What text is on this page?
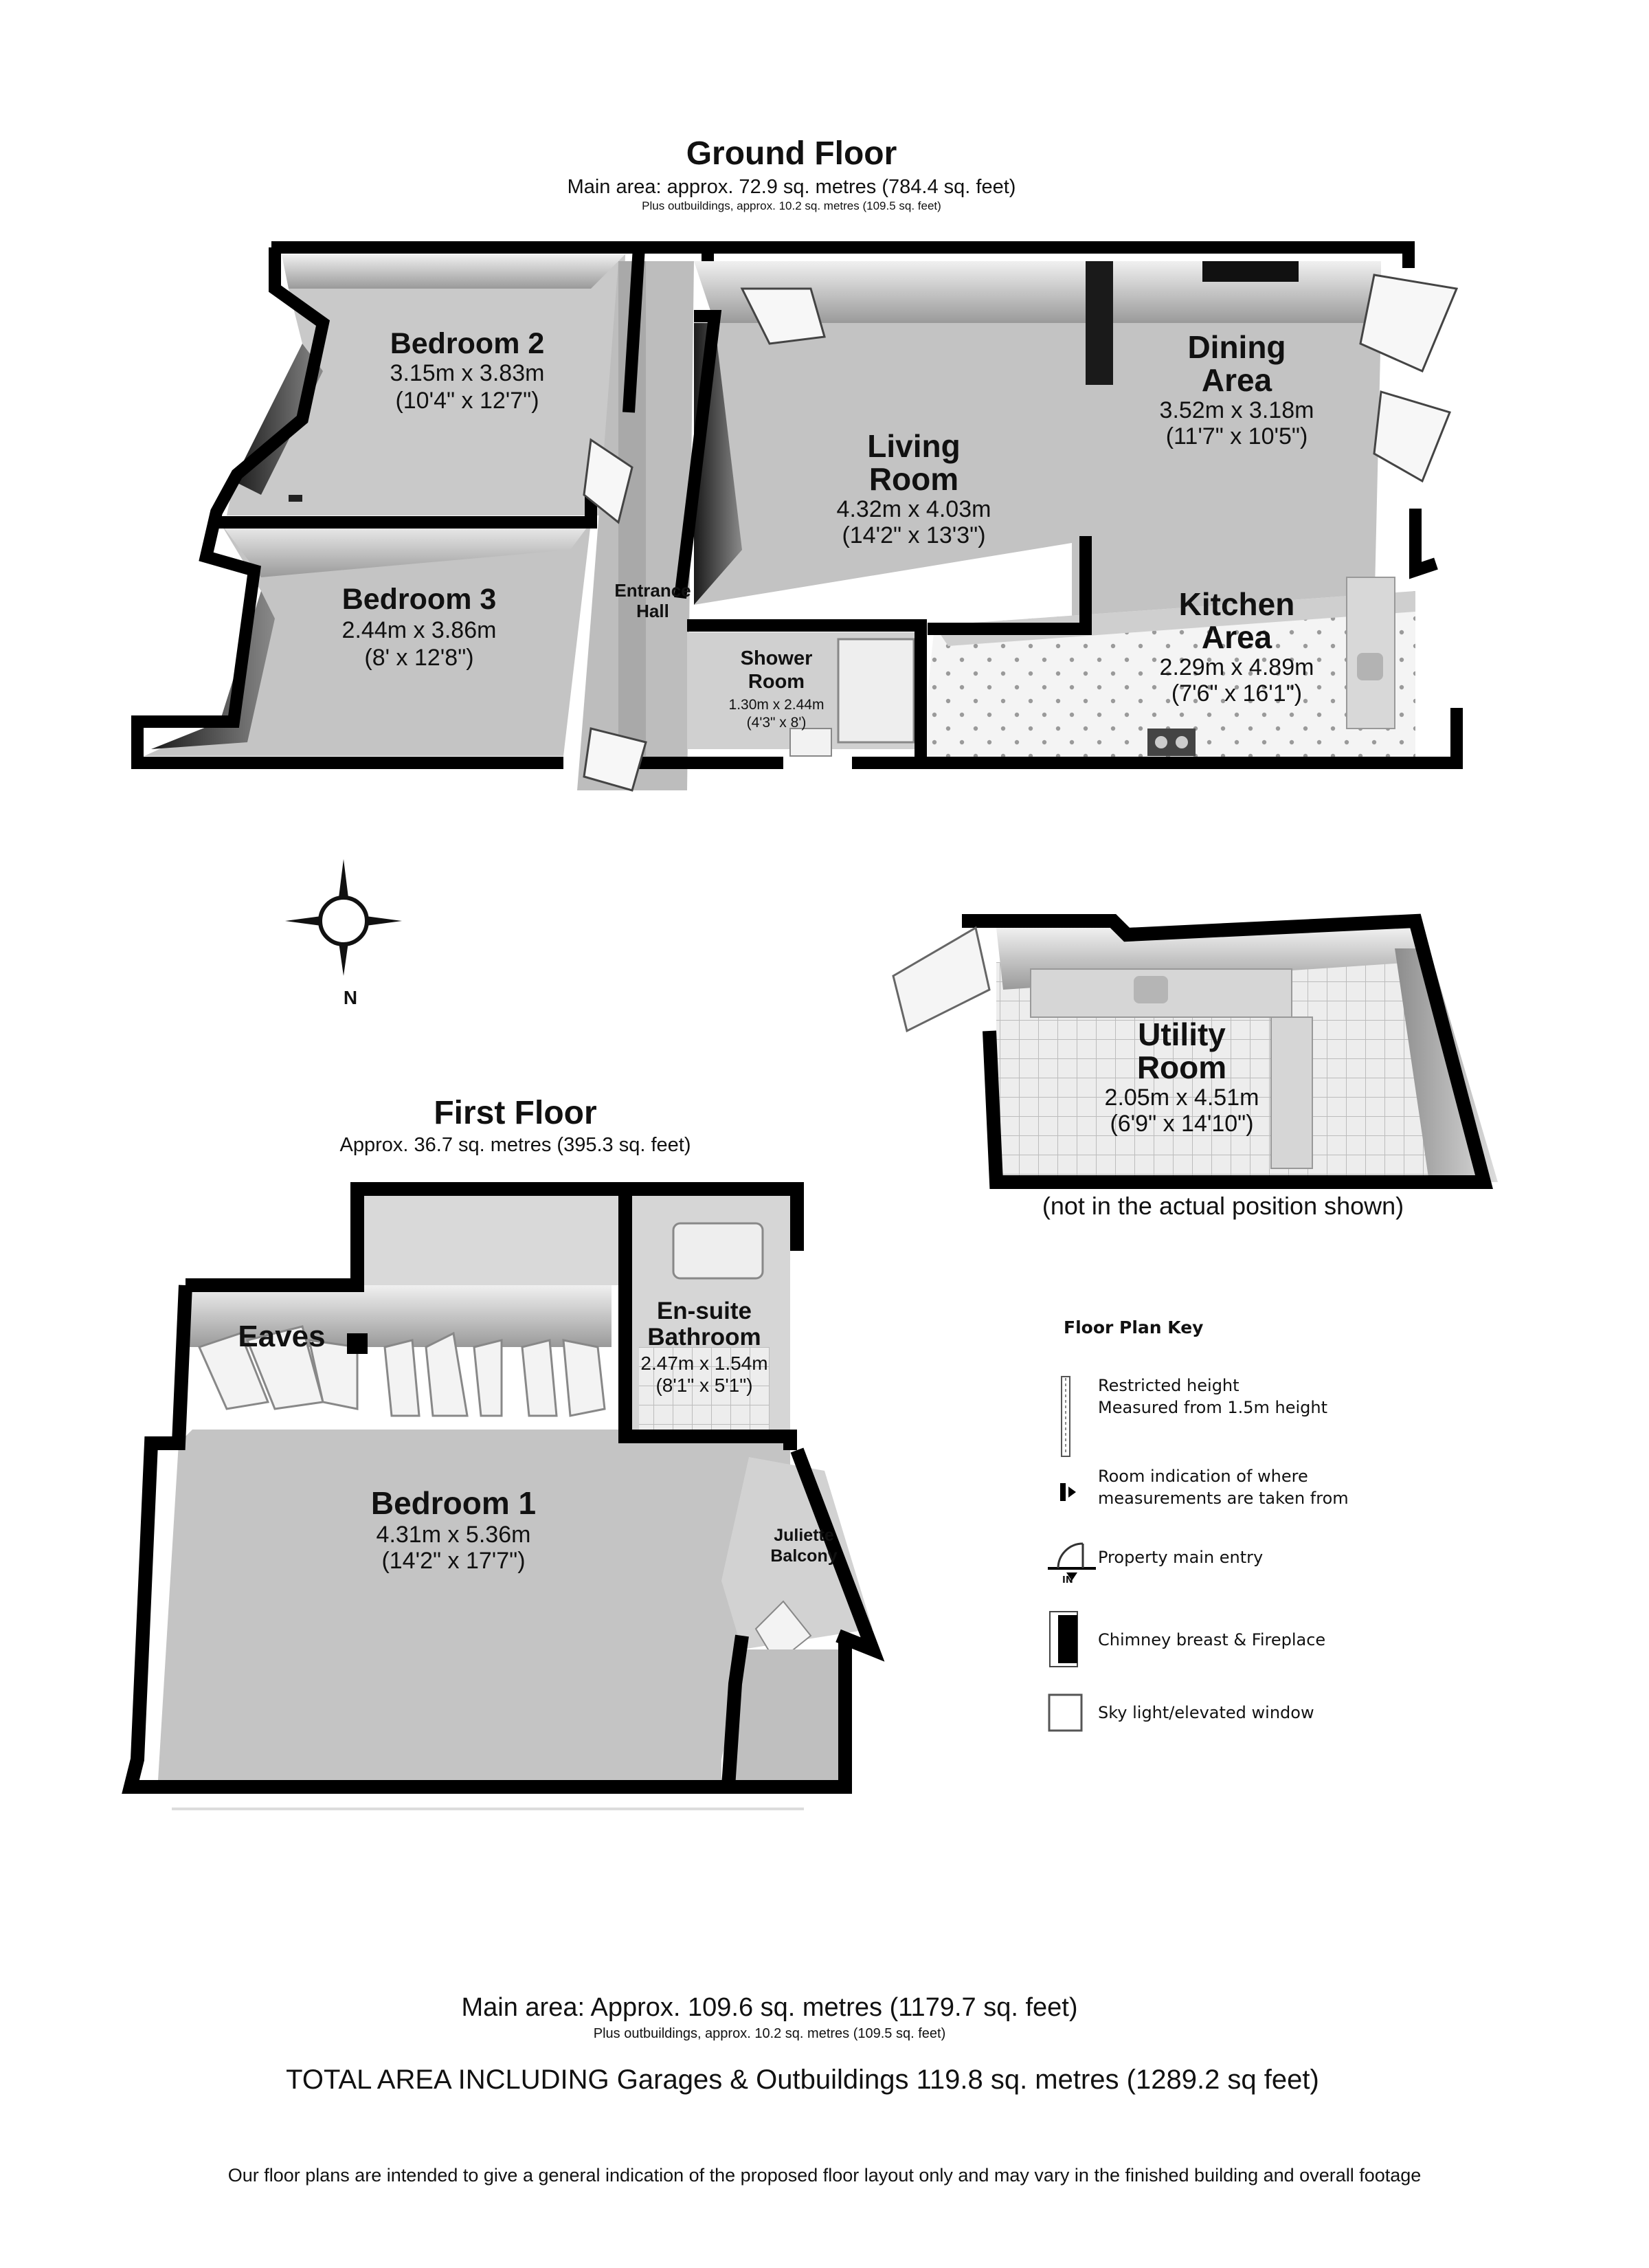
Ground Floor
Main area: approx. 72.9 sq. metres (784.4 sq. feet)
Plus outbuildings, approx. 10.2 sq. metres (109.5 sq. feet)
Bedroom 2
3.15m x 3.83m
(10'4" x 12'7")
Bedroom 3
2.44m x 3.86m
(8' x 12'8")
Living
Room
4.32m x 4.03m
(14'2" x 13'3")
Dining
Area
3.52m x 3.18m
(11'7" x 10'5")
Kitchen
Area
2.29m x 4.89m
(7'6" x 16'1")
Entrance
Hall
Shower
Room
1.30m x 2.44m
(4'3" x 8')
N
Utility
Room
2.05m x 4.51m
(6'9" x 14'10")
(not in the actual position shown)
First Floor
Approx. 36.7 sq. metres (395.3 sq. feet)
Eaves
En-suite
Bathroom
2.47m x 1.54m
(8'1" x 5'1")
Bedroom 1
4.31m x 5.36m
(14'2" x 17'7")
Juliette
Balcony
Floor Plan Key
Restricted height
Measured from 1.5m height
Room indication of where
measurements are taken from
Property main entry
IN
Chimney breast & Fireplace
Sky light/elevated window
Main area: Approx. 109.6 sq. metres (1179.7 sq. feet)
Plus outbuildings, approx. 10.2 sq. metres (109.5 sq. feet)
TOTAL AREA INCLUDING Garages & Outbuildings 119.8 sq. metres (1289.2 sq feet)
Our floor plans are intended to give a general indication of the proposed floor layout only and may vary in the finished building and overall footage
